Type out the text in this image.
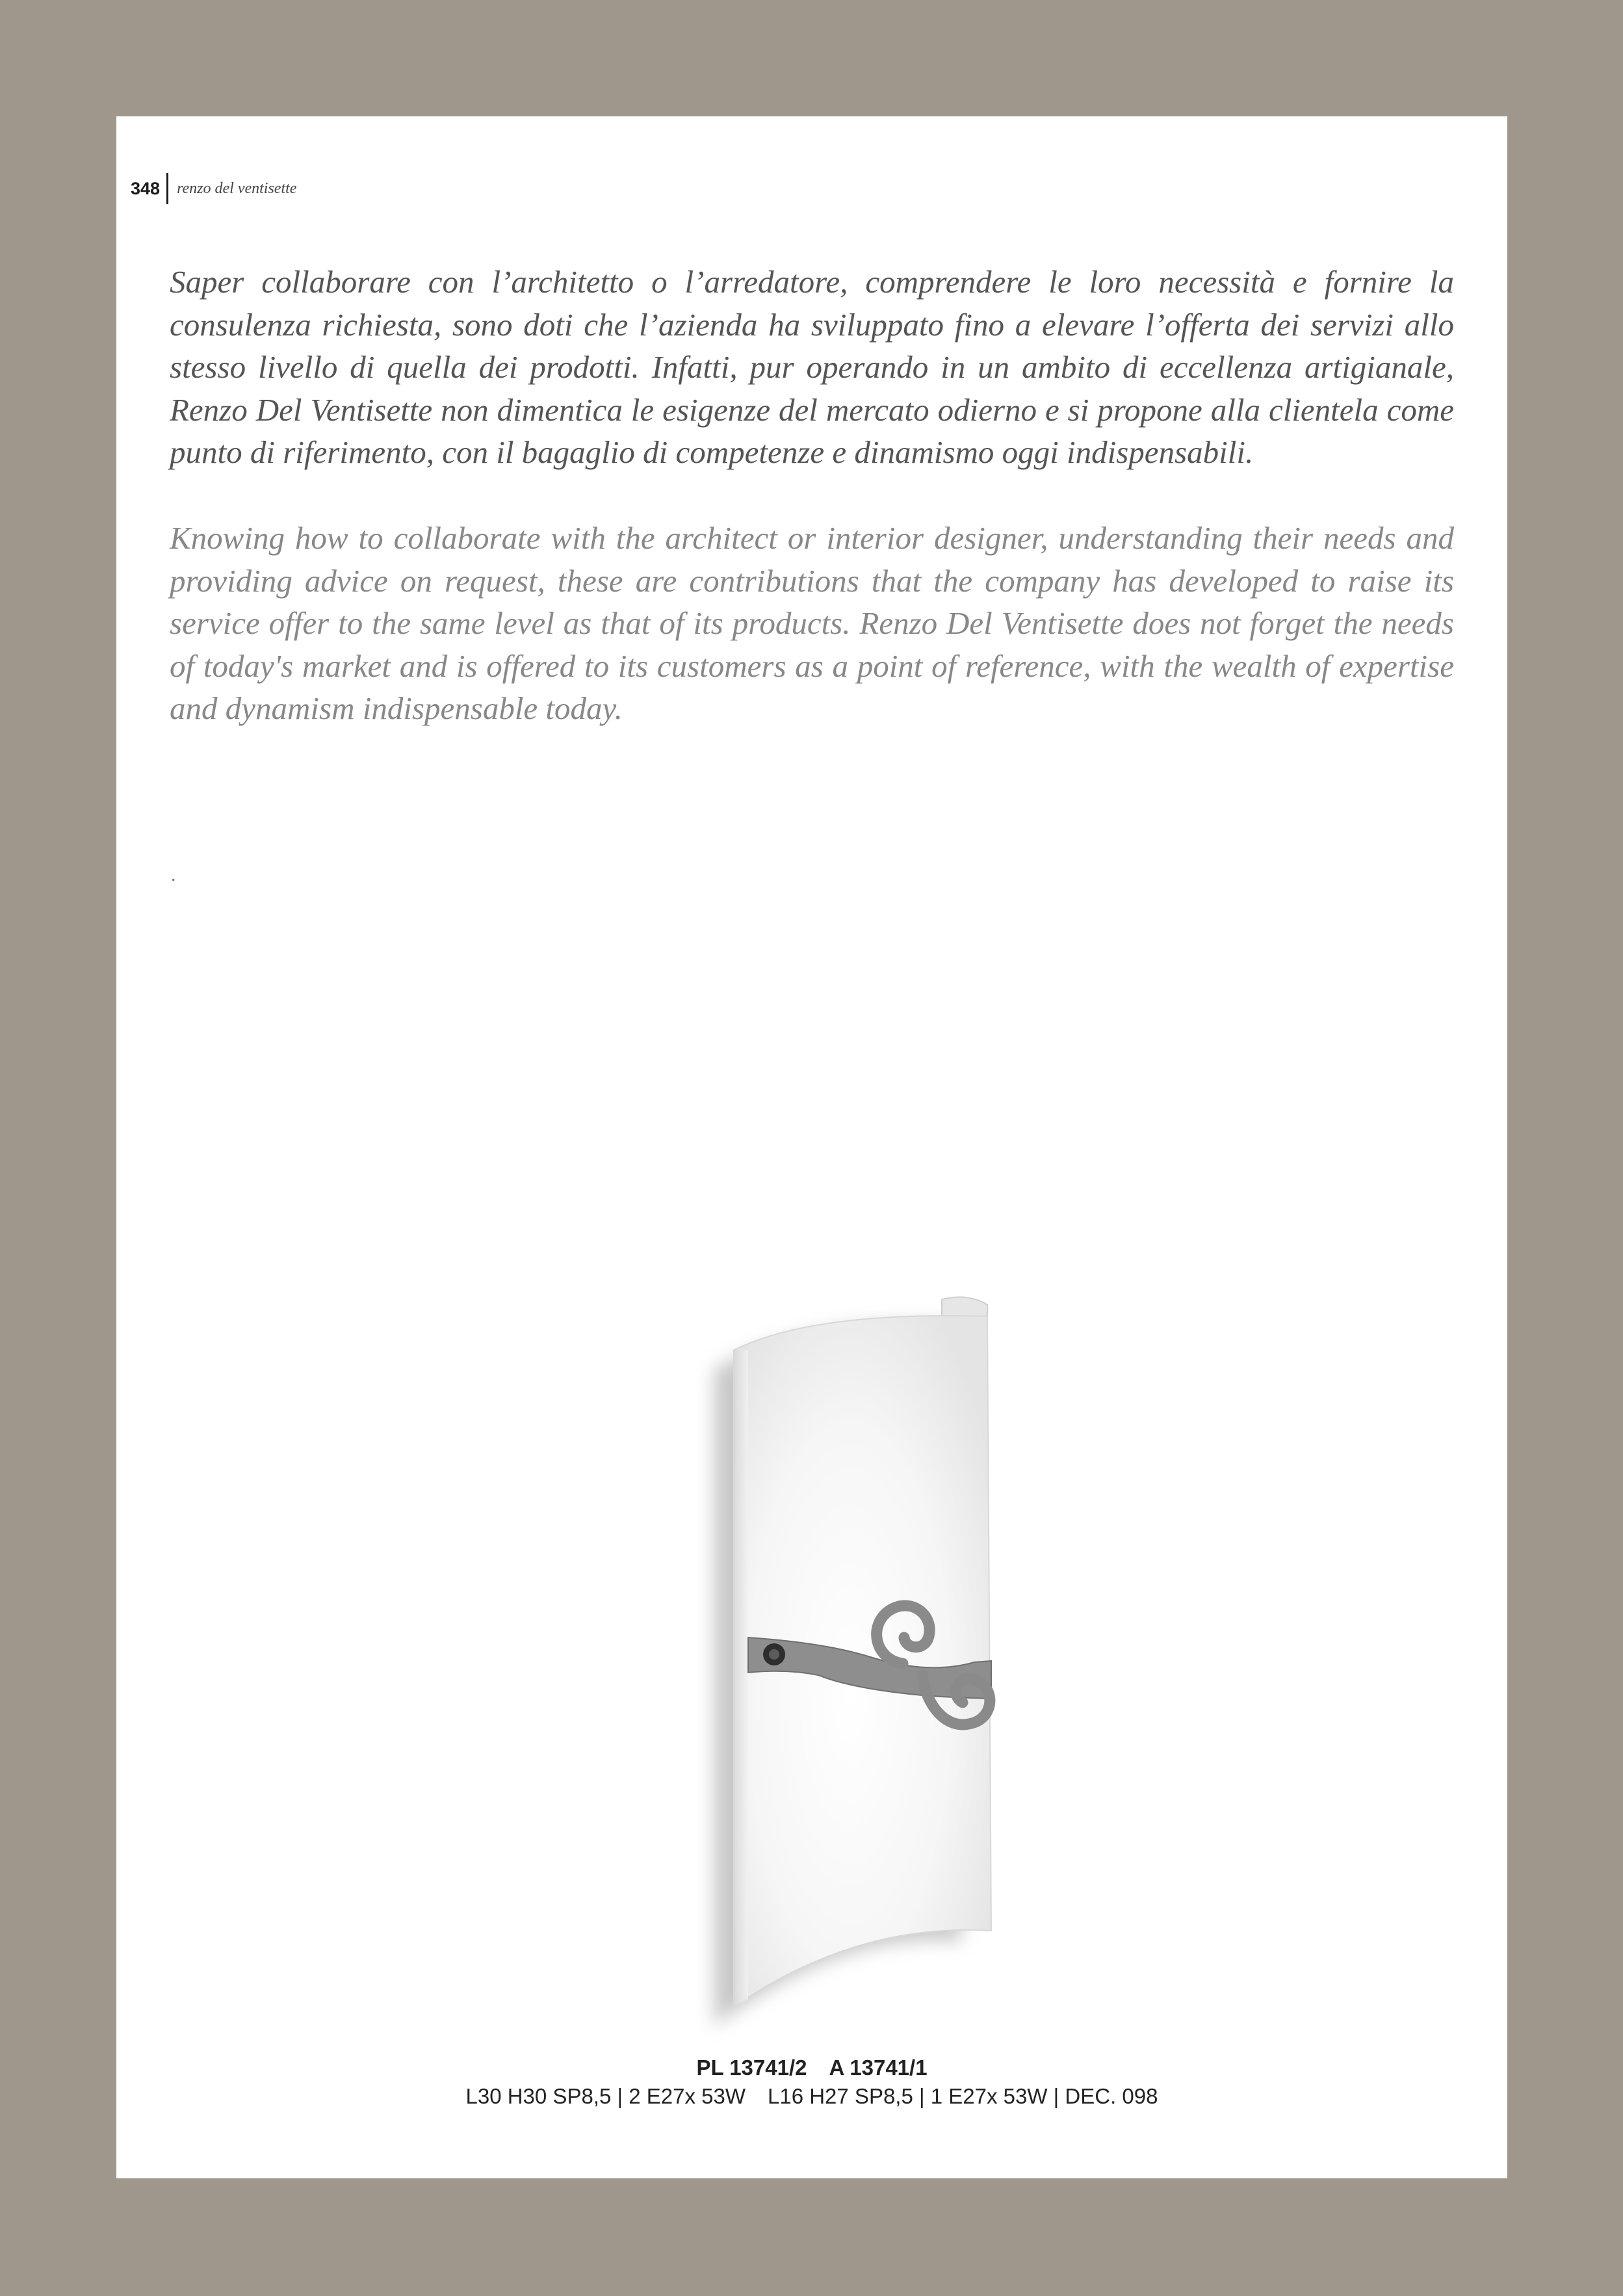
348 renzo del ventisette

Saper collaborare con l’architetto o l’arredatore, comprendere le loro necessità e fornire la consulenza richiesta, sono doti che l’azienda ha sviluppato fino a elevare l’offerta dei servizi allo stesso livello di quella dei prodotti. Infatti, pur operando in un ambito di eccellenza artigianale, Renzo Del Ventisette non dimentica le esigenze del mercato odierno e si propone alla clientela come punto di riferimento, con il bagaglio di competenze e dinamismo oggi indispensabili.

Knowing how to collaborate with the architect or interior designer, understanding their needs and providing advice on request, these are contributions that the company has developed to raise its service offer to the same level as that of its products. Renzo Del Ventisette does not forget the needs of today's market and is offered to its customers as a point of reference, with the wealth of expertise and dynamism indispensable today.

.
PL 13741/2 A 13741/1
L30 H30 SP8,5 | 2 E27x 53W L16 H27 SP8,5 | 1 E27x 53W | DEC. 098
